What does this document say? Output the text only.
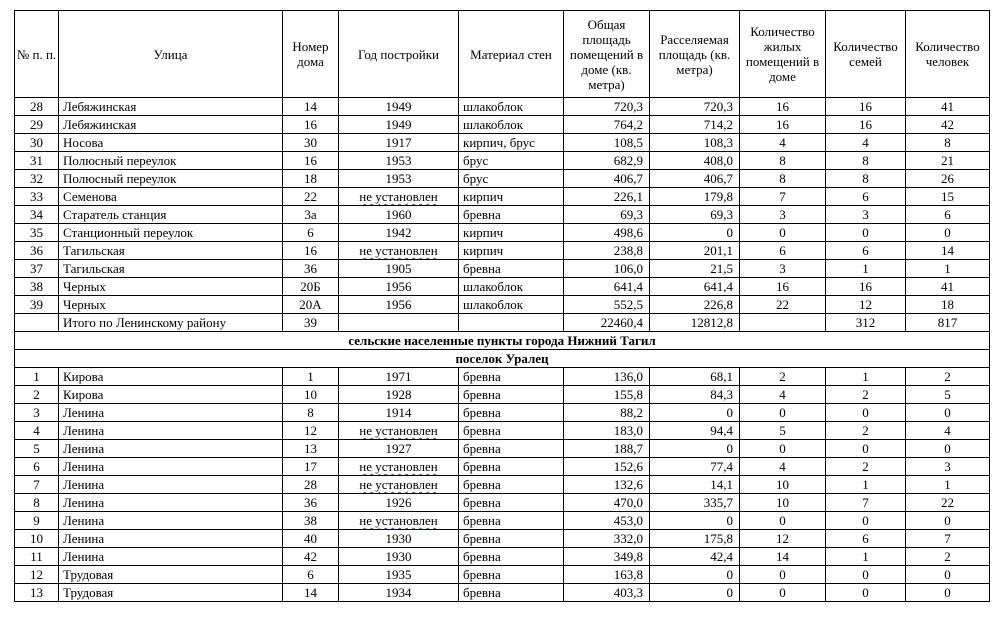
№ п. п.	Улица	Номер дома	Год постройки	Материал стен	Общая площадь помещений в доме (кв. метра)	Расселяемая площадь (кв. метра)	Количество жилых помещений в доме	Количество семей	Количество человек
28	Лебяжинская	14	1949	шлакоблок	720,3	720,3	16	16	41
29	Лебяжинская	16	1949	шлакоблок	764,2	714,2	16	16	42
30	Носова	30	1917	кирпич, брус	108,5	108,3	4	4	8
31	Полюсный переулок	16	1953	брус	682,9	408,0	8	8	21
32	Полюсный переулок	18	1953	брус	406,7	406,7	8	8	26
33	Семенова	22	не установлен	кирпич	226,1	179,8	7	6	15
34	Старатель станция	3а	1960	бревна	69,3	69,3	3	3	6
35	Станционный переулок	6	1942	кирпич	498,6	0	0	0	0
36	Тагильская	16	не установлен	кирпич	238,8	201,1	6	6	14
37	Тагильская	36	1905	бревна	106,0	21,5	3	1	1
38	Черных	20Б	1956	шлакоблок	641,4	641,4	16	16	41
39	Черных	20А	1956	шлакоблок	552,5	226,8	22	12	18
	Итого по Ленинскому району	39			22460,4	12812,8		312	817
сельские населенные пункты города Нижний Тагил									
поселок Уралец									
1	Кирова	1	1971	бревна	136,0	68,1	2	1	2
2	Кирова	10	1928	бревна	155,8	84,3	4	2	5
3	Ленина	8	1914	бревна	88,2	0	0	0	0
4	Ленина	12	не установлен	бревна	183,0	94,4	5	2	4
5	Ленина	13	1927	бревна	188,7	0	0	0	0
6	Ленина	17	не установлен	бревна	152,6	77,4	4	2	3
7	Ленина	28	не установлен	бревна	132,6	14,1	10	1	1
8	Ленина	36	1926	бревна	470,0	335,7	10	7	22
9	Ленина	38	не установлен	бревна	453,0	0	0	0	0
10	Ленина	40	1930	бревна	332,0	175,8	12	6	7
11	Ленина	42	1930	бревна	349,8	42,4	14	1	2
12	Трудовая	6	1935	бревна	163,8	0	0	0	0
13	Трудовая	14	1934	бревна	403,3	0	0	0	0
